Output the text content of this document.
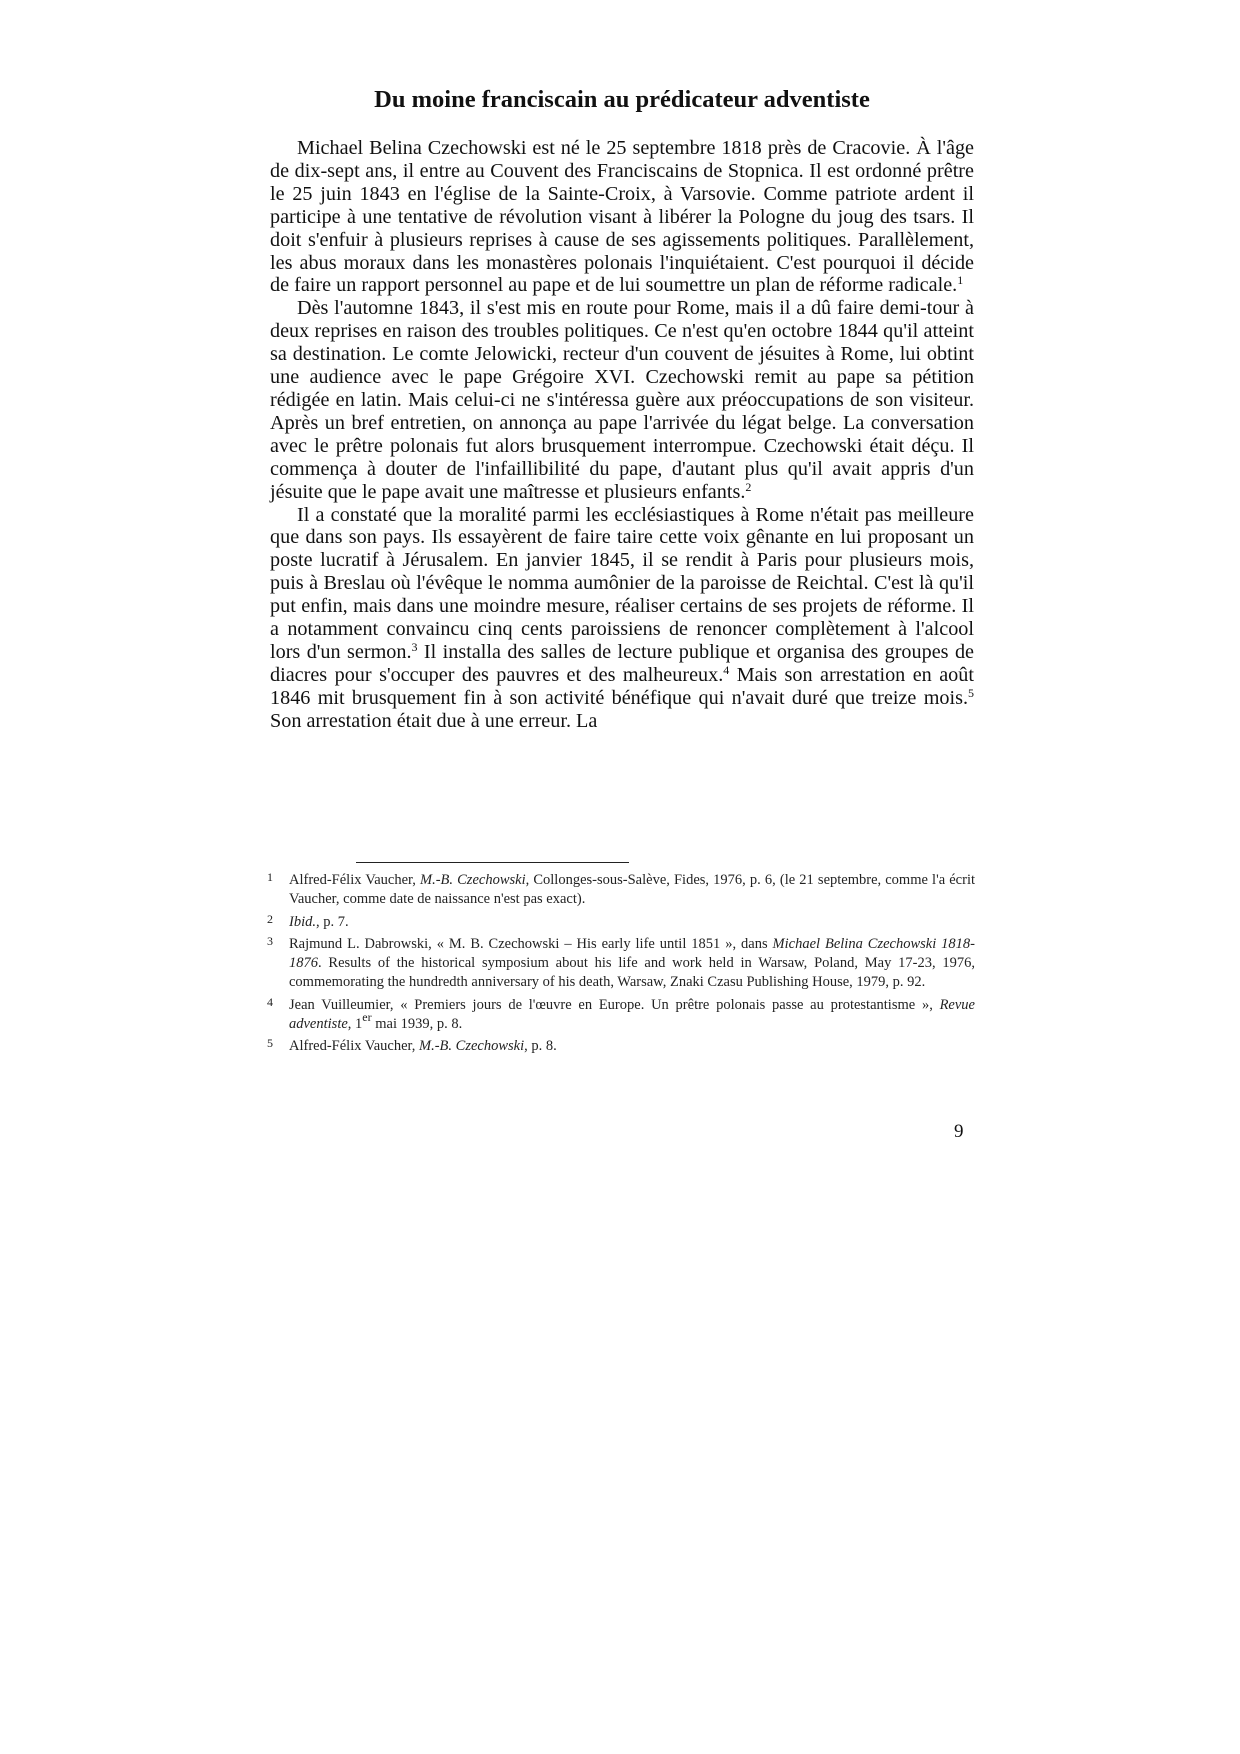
Du moine franciscain au prédicateur adventiste

Michael Belina Czechowski est né le 25 septembre 1818 près de Cracovie. À l'âge de dix-sept ans, il entre au Couvent des Franciscains de Stopnica. Il est ordonné prêtre le 25 juin 1843 en l'église de la Sainte-Croix, à Varsovie. Comme patriote ardent il participe à une tentative de révolution visant à libérer la Pologne du joug des tsars. Il doit s'enfuir à plusieurs reprises à cause de ses agissements politiques. Parallèlement, les abus moraux dans les monastères polonais l'inquiétaient. C'est pourquoi il décide de faire un rapport personnel au pape et de lui soumettre un plan de réforme radicale.$^1$

Dès l'automne 1843, il s'est mis en route pour Rome, mais il a dû faire demi-tour à deux reprises en raison des troubles politiques. Ce n'est qu'en octobre 1844 qu'il atteint sa destination. Le comte Jelowicki, recteur d'un couvent de jésuites à Rome, lui obtint une audience avec le pape Grégoire XVI. Czechowski remit au pape sa pétition rédigée en latin. Mais celui-ci ne s'intéressa guère aux préoccupations de son visiteur. Après un bref entretien, on annonça au pape l'arrivée du légat belge. La conversation avec le prêtre polonais fut alors brusquement interrompue. Czechowski était déçu. Il commença à douter de l'infaillibilité du pape, d'autant plus qu'il avait appris d'un jésuite que le pape avait une maîtresse et plusieurs enfants.$^2$

Il a constaté que la moralité parmi les ecclésiastiques à Rome n'était pas meilleure que dans son pays. Ils essayèrent de faire taire cette voix gênante en lui proposant un poste lucratif à Jérusalem. En janvier 1845, il se rendit à Paris pour plusieurs mois, puis à Breslau où l'évêque le nomma aumônier de la paroisse de Reichtal. C'est là qu'il put enfin, mais dans une moindre mesure, réaliser certains de ses projets de réforme. Il a notamment convaincu cinq cents paroissiens de renoncer complètement à l'alcool lors d'un sermon.$^3$ Il installa des salles de lecture publique et organisa des groupes de diacres pour s'occuper des pauvres et des malheureux.$^4$ Mais son arrestation en août 1846 mit brusquement fin à son activité bénéfique qui n'avait duré que treize mois.$^5$ Son arrestation était due à une erreur. La

1 Alfred-Félix Vaucher, M.-B. Czechowski, Collonges-sous-Salève, Fides, 1976, p. 6, (le 21 septembre, comme l'a écrit Vaucher, comme date de naissance n'est pas exact).
2 Ibid., p. 7.
3 Rajmund L. Dabrowski, « M. B. Czechowski – His early life until 1851 », dans Michael Belina Czechowski 1818-1876. Results of the historical symposium about his life and work held in Warsaw, Poland, May 17-23, 1976, commemorating the hundredth anniversary of his death, Warsaw, Znaki Czasu Publishing House, 1979, p. 92.
4 Jean Vuilleumier, « Premiers jours de l'œuvre en Europe. Un prêtre polonais passe au protestantisme », Revue adventiste, 1er mai 1939, p. 8.
5 Alfred-Félix Vaucher, M.-B. Czechowski, p. 8.
9
